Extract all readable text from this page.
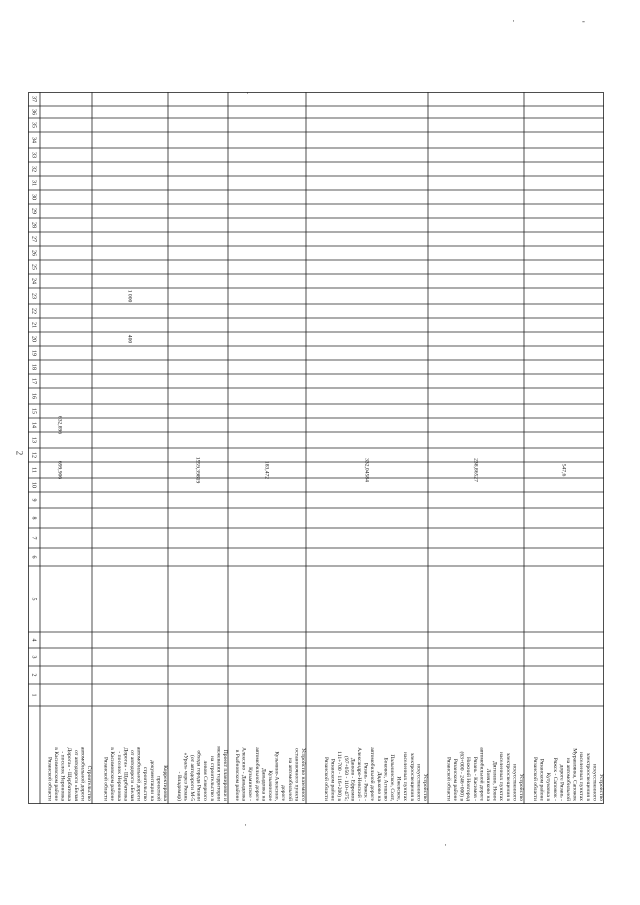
2
·	-
·
·
·
37
36
35
34
33
32
31
30
29
28
27
26
25
24
23
22
21
20
19
18
17
16
15
14
13
12
11
10
9
8
7
6
5
4
3
2
1
Строительство
автомобильной дороги
от автодороги «Белая
Дорога» - Щербатовка
- поселок Нероновка
в Касимовском районе
Рязанской области
699,906
632,896
Корректировка
проектной
документации на
строительство
автомобильной дороги
от автодороги «Белая
Дорога» - Щербатовка
- поселок Нероновка
в Касимовском районе
Рязанской области
400
1 000
Проект планировки и
межевания территории
на строительство в
левом Северного
обхода города Рязани
(от автодороги М-5
«Урал» через Рязань
- Владимир)
1559,39819
Устройство наземного
остановочного пункта
на автомобильной
дороге
Кузьмино-Алексино,
Кузьминское
Давыдовка на
автомобильной дороге
Кузьминское -
Алексино - Давыдовка
в Рыбновском районе
183,472
Устройство
искусственного
электроосвещения в
населенных пунктах
Ижевское,
Пальнинское, Солт,
Боковое, Агишево
Дядьково на
автомобильной дороге
Рязань - Ряжск -
Александро-Невский -
Данков - Ефремов
(97+050 - 110+475;
111+700 - 116+200) в
Рязанском районе
Рязанской области
332,04584
Устройство
искусственного
электроосвещения в
населенных пунктах
Дягилево, Новое
Ловчиково на
автомобильной дороге
Рязань - Касимов -
Нижний Новгород
(63+000 - 246+000) в
Рязанском районе
Рязанской области
238,86527
Устройство
искусственного
электроосвещения в
населенных пунктах
Муравлянка, Сапожок
на автомобильной
дороге Рязань -
Ряжск - Сапожок -
Кутуковка в
Рязанском районе
Рязанской области
547,6
